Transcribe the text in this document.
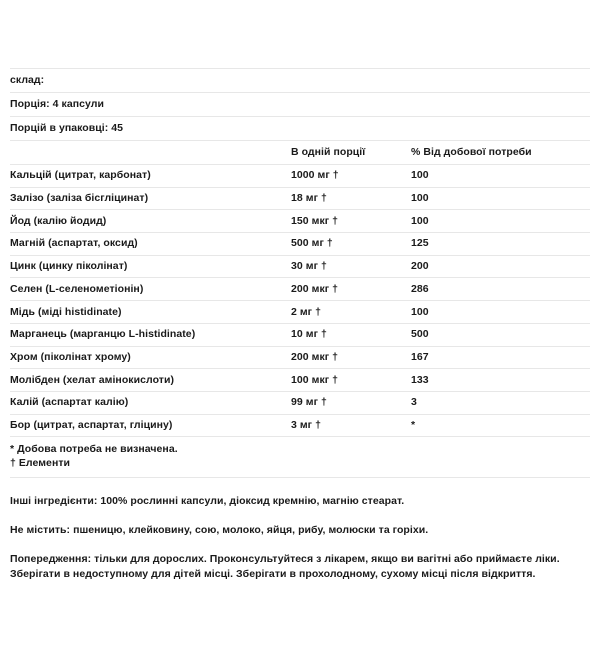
склад:		
Порція: 4 капсули		
Порцій в упаковці: 45		
	В одній порції	% Від добової потреби
Кальцій (цитрат, карбонат)	1000 мг †	100
Залізо (заліза бісгліцинат)	18 мг †	100
Йод (калію йодид)	150 мкг †	100
Магній (аспартат, оксид)	500 мг †	125
Цинк (цинку піколінат)	30 мг †	200
Селен (L-селенометіонін)	200 мкг †	286
Мідь (міді histidinate)	2 мг †	100
Марганець (марганцю L-histidinate)	10 мг †	500
Хром (піколінат хрому)	200 мкг †	167
Молібден (хелат амінокислоти)	100 мкг †	133
Калій (аспартат калію)	99 мг †	3
Бор (цитрат, аспартат, гліцину)	3 мг †	*

* Добова потреба не визначена.
† Елементи		

Інші інгредієнти: 100% рослинні капсули, діоксид кремнію, магнію стеарат.

Не містить: пшеницю, клейковину, сою, молоко, яйця, рибу, молюски та горіхи.

Попередження: тільки для дорослих. Проконсультуйтеся з лікарем, якщо ви вагітні або приймаєте ліки. Зберігати в недоступному для дітей місці. Зберігати в прохолодному, сухому місці після відкриття.
